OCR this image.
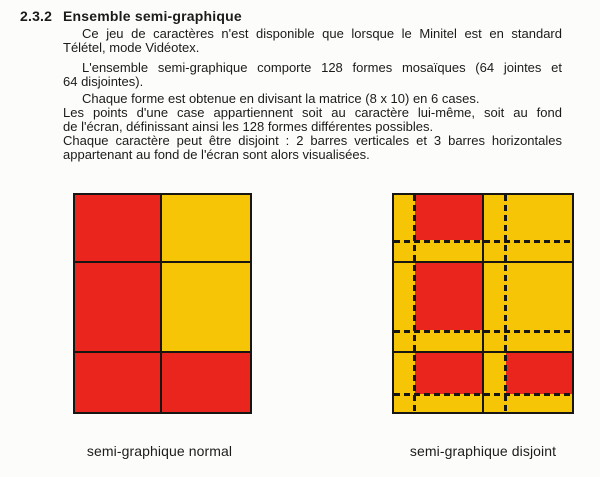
2.3.2 Ensemble semi-graphique
Ce jeu de caractères n'est disponible que lorsque le Minitel est en standard
Télétel, mode Vidéotex.
L'ensemble semi-graphique comporte 128 formes mosaïques (64 jointes et
64 disjointes).
Chaque forme est obtenue en divisant la matrice (8 x 10) en 6 cases.
Les points d'une case appartiennent soit au caractère lui-même, soit au fond
de l'écran, définissant ainsi les 128 formes différentes possibles.
Chaque caractère peut être disjoint : 2 barres verticales et 3 barres horizontales
appartenant au fond de l'écran sont alors visualisées.
semi-graphique normal	semi-graphique disjoint
